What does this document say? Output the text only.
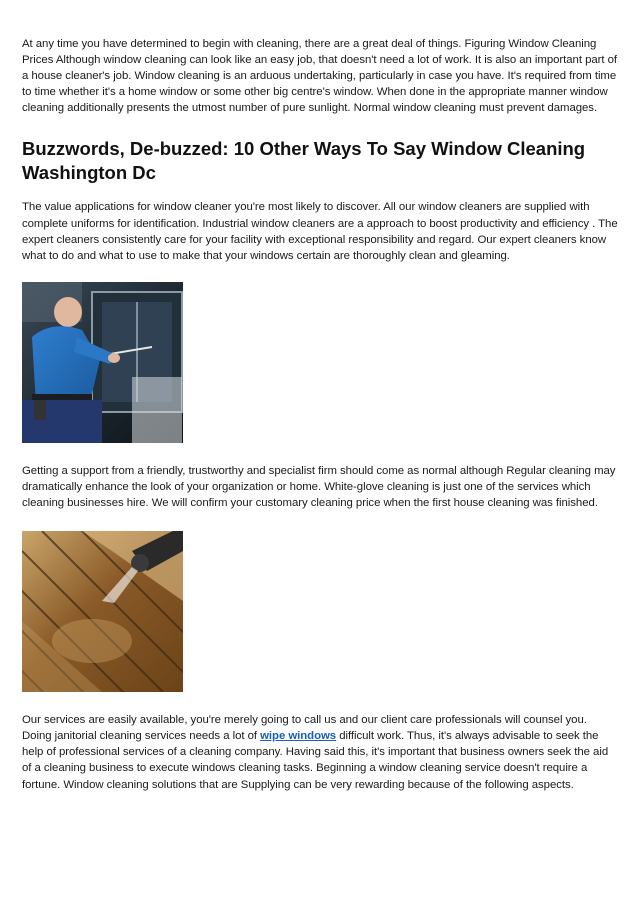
At any time you have determined to begin with cleaning, there are a great deal of things. Figuring Window Cleaning Prices Although window cleaning can look like an easy job, that doesn't need a lot of work. It is also an important part of a house cleaner's job. Window cleaning is an arduous undertaking, particularly in case you have. It's required from time to time whether it's a home window or some other big centre's window. When done in the appropriate manner window cleaning additionally presents the utmost number of pure sunlight. Normal window cleaning must prevent damages.

Buzzwords, De-buzzed: 10 Other Ways To Say Window Cleaning Washington Dc

The value applications for window cleaner you're most likely to discover. All our window cleaners are supplied with complete uniforms for identification. Industrial window cleaners are a approach to boost productivity and efficiency . The expert cleaners consistently care for your facility with exceptional responsibility and regard. Our expert cleaners know what to do and what to use to make that your windows certain are thoroughly clean and gleaming.

Getting a support from a friendly, trustworthy and specialist firm should come as normal although Regular cleaning may dramatically enhance the look of your organization or home. White-glove cleaning is just one of the services which cleaning businesses hire. We will confirm your customary cleaning price when the first house cleaning was finished.

Our services are easily available, you're merely going to call us and our client care professionals will counsel you. Doing janitorial cleaning services needs a lot of wipe windows difficult work. Thus, it's always advisable to seek the help of professional services of a cleaning company. Having said this, it's important that business owners seek the aid of a cleaning business to execute windows cleaning tasks. Beginning a window cleaning service doesn't require a fortune. Window cleaning solutions that are Supplying can be very rewarding because of the following aspects.
